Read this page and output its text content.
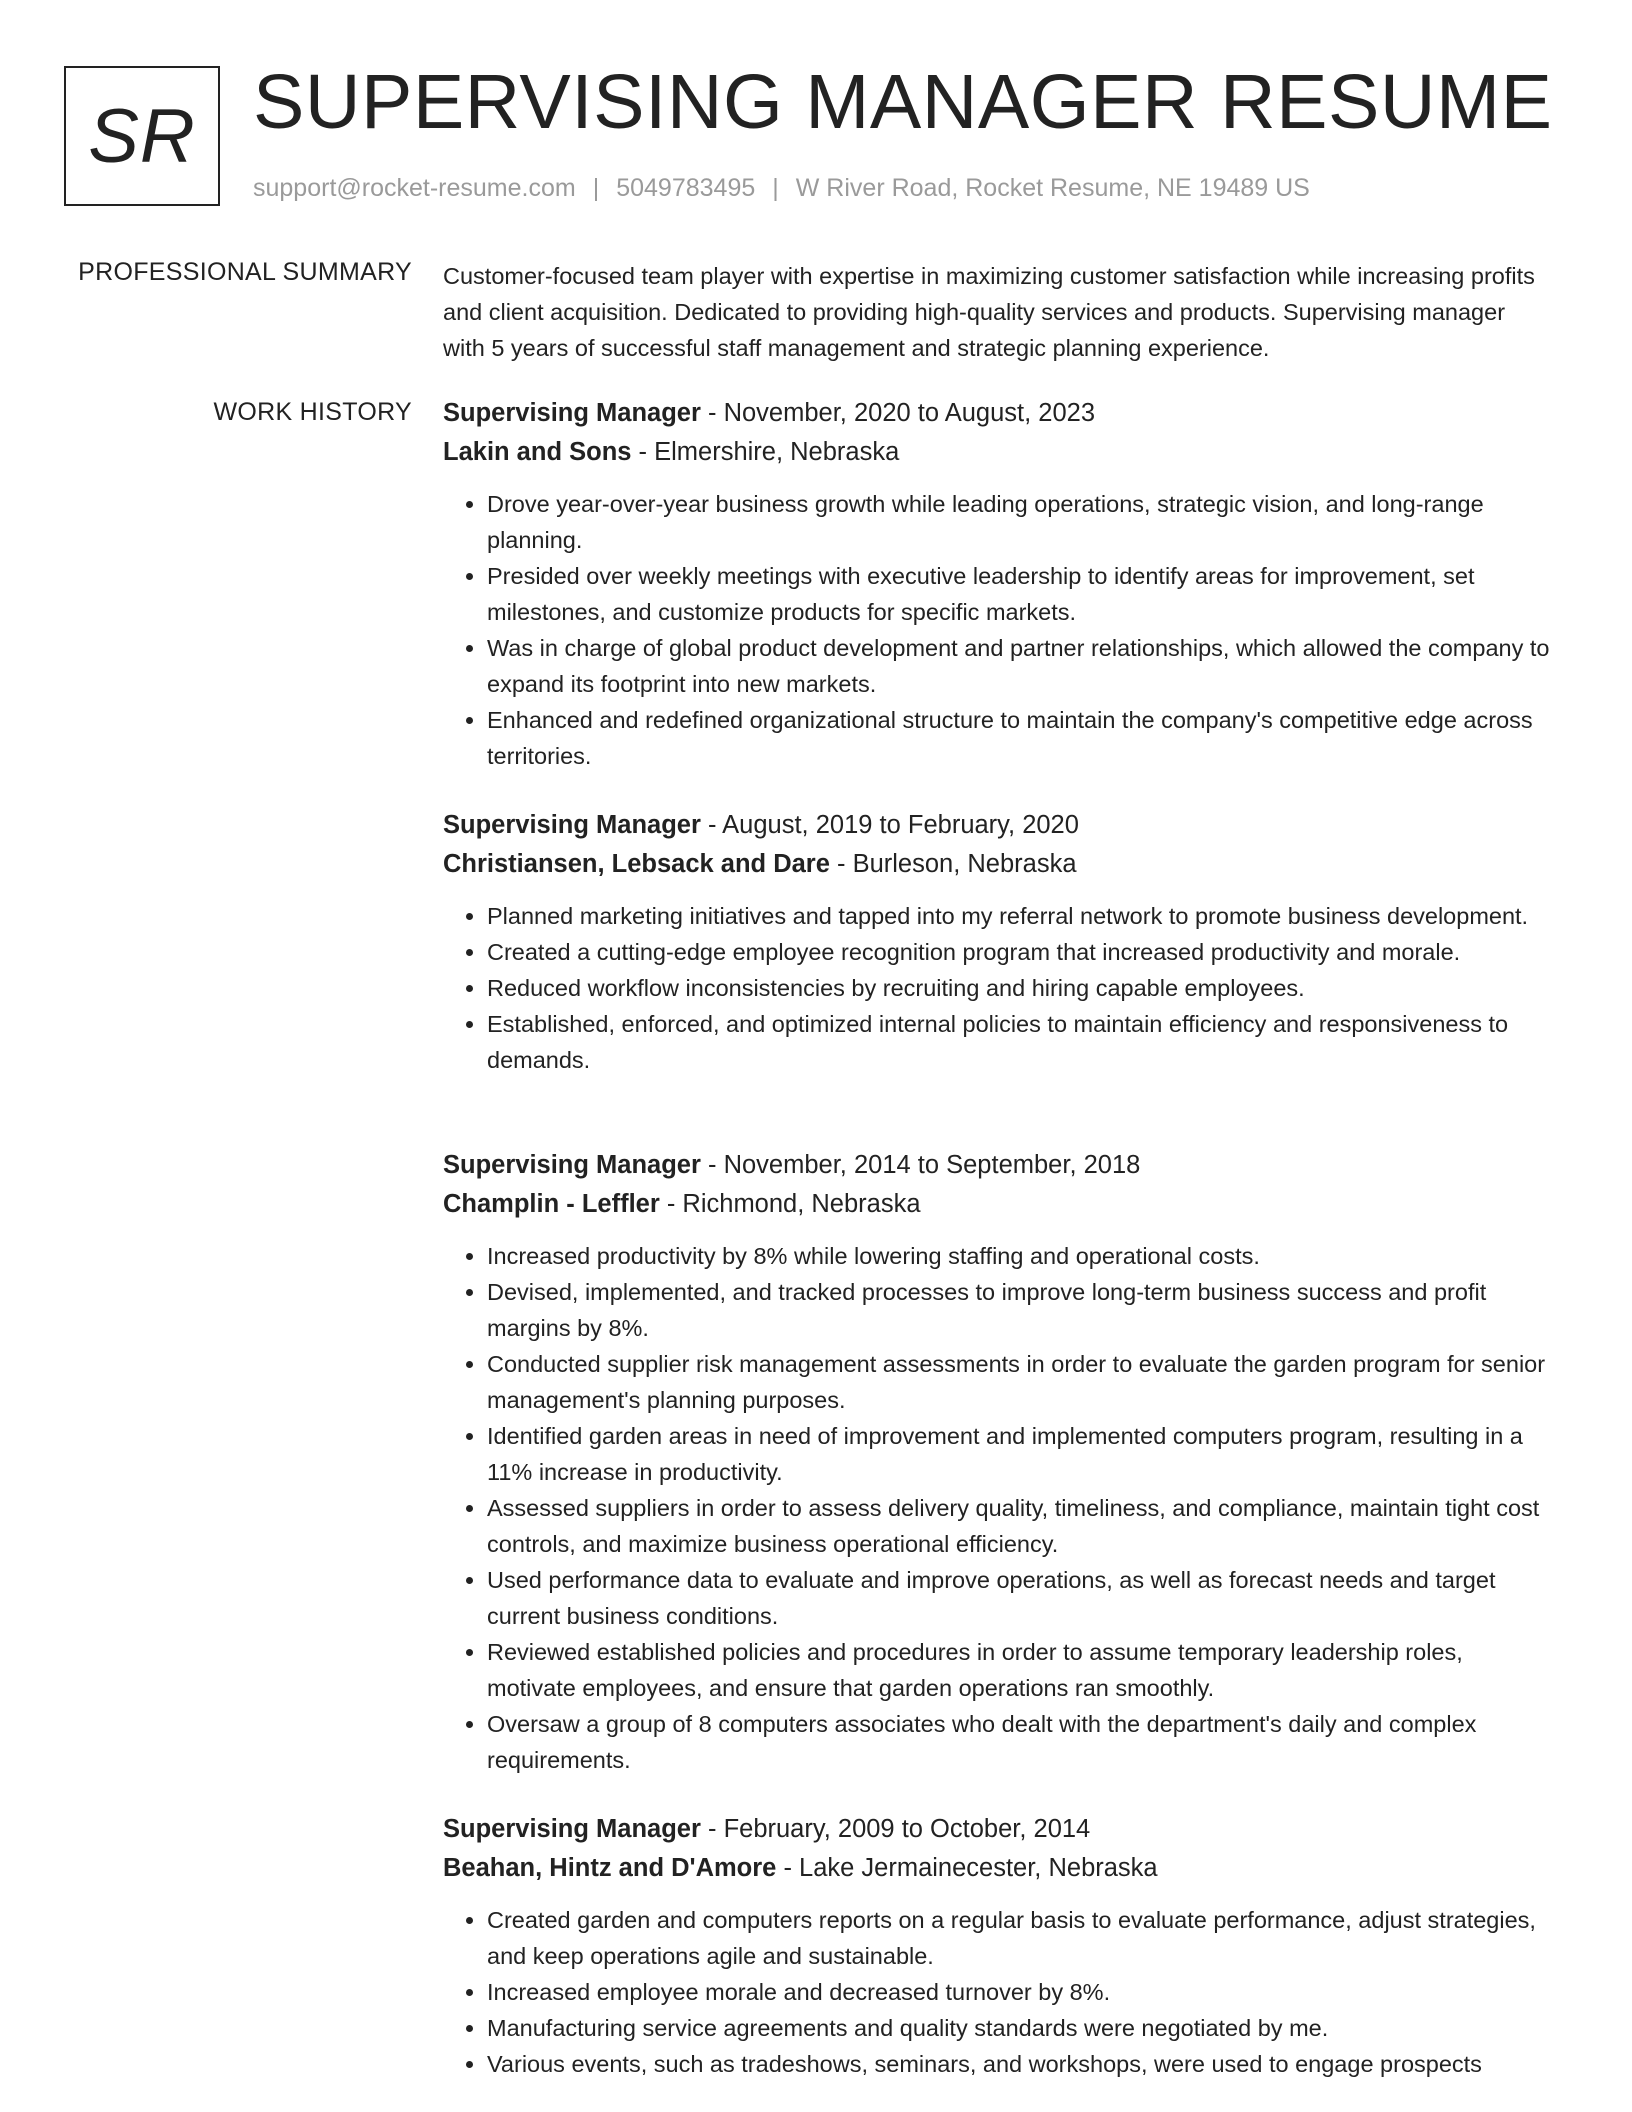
SR SUPERVISING MANAGER RESUME
support@rocket-resume.com | 5049783495 | W River Road, Rocket Resume, NE 19489 US
PROFESSIONAL SUMMARY Customer-focused team player with expertise in maximizing customer satisfaction while increasing profits and client acquisition. Dedicated to providing high-quality services and products. Supervising manager with 5 years of successful staff management and strategic planning experience.
WORK HISTORY Supervising Manager - November, 2020 to August, 2023
Lakin and Sons - Elmershire, Nebraska
• Drove year-over-year business growth while leading operations, strategic vision, and long-range planning.
• Presided over weekly meetings with executive leadership to identify areas for improvement, set milestones, and customize products for specific markets.
• Was in charge of global product development and partner relationships, which allowed the company to expand its footprint into new markets.
• Enhanced and redefined organizational structure to maintain the company's competitive edge across territories.
Supervising Manager - August, 2019 to February, 2020
Christiansen, Lebsack and Dare - Burleson, Nebraska
• Planned marketing initiatives and tapped into my referral network to promote business development.
• Created a cutting-edge employee recognition program that increased productivity and morale.
• Reduced workflow inconsistencies by recruiting and hiring capable employees.
• Established, enforced, and optimized internal policies to maintain efficiency and responsiveness to demands.
Supervising Manager - November, 2014 to September, 2018
Champlin - Leffler - Richmond, Nebraska
• Increased productivity by 8% while lowering staffing and operational costs.
• Devised, implemented, and tracked processes to improve long-term business success and profit margins by 8%.
• Conducted supplier risk management assessments in order to evaluate the garden program for senior management's planning purposes.
• Identified garden areas in need of improvement and implemented computers program, resulting in a 11% increase in productivity.
• Assessed suppliers in order to assess delivery quality, timeliness, and compliance, maintain tight cost controls, and maximize business operational efficiency.
• Used performance data to evaluate and improve operations, as well as forecast needs and target current business conditions.
• Reviewed established policies and procedures in order to assume temporary leadership roles, motivate employees, and ensure that garden operations ran smoothly.
• Oversaw a group of 8 computers associates who dealt with the department's daily and complex requirements.
Supervising Manager - February, 2009 to October, 2014
Beahan, Hintz and D'Amore - Lake Jermainecester, Nebraska
• Created garden and computers reports on a regular basis to evaluate performance, adjust strategies, and keep operations agile and sustainable.
• Increased employee morale and decreased turnover by 8%.
• Manufacturing service agreements and quality standards were negotiated by me.
• Various events, such as tradeshows, seminars, and workshops, were used to engage prospects
